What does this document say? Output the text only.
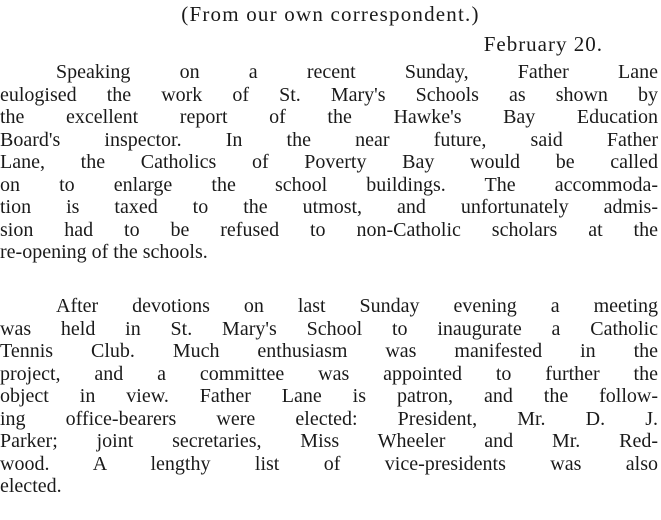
(From our own correspondent.)
February 20.
Speaking on a recent Sunday, Father Lane
eulogised the work of St. Mary's Schools as shown by
the excellent report of the Hawke's Bay Education
Board's inspector. In the near future, said Father
Lane, the Catholics of Poverty Bay would be called
on to enlarge the school buildings. The accommoda-
tion is taxed to the utmost, and unfortunately admis-
sion had to be refused to non-Catholic scholars at the
re-opening of the schools.
After devotions on last Sunday evening a meeting
was held in St. Mary's School to inaugurate a Catholic
Tennis Club. Much enthusiasm was manifested in the
project, and a committee was appointed to further the
object in view. Father Lane is patron, and the follow-
ing office-bearers were elected: President, Mr. D. J.
Parker; joint secretaries, Miss Wheeler and Mr. Red-
wood. A lengthy list of vice-presidents was also
elected.
